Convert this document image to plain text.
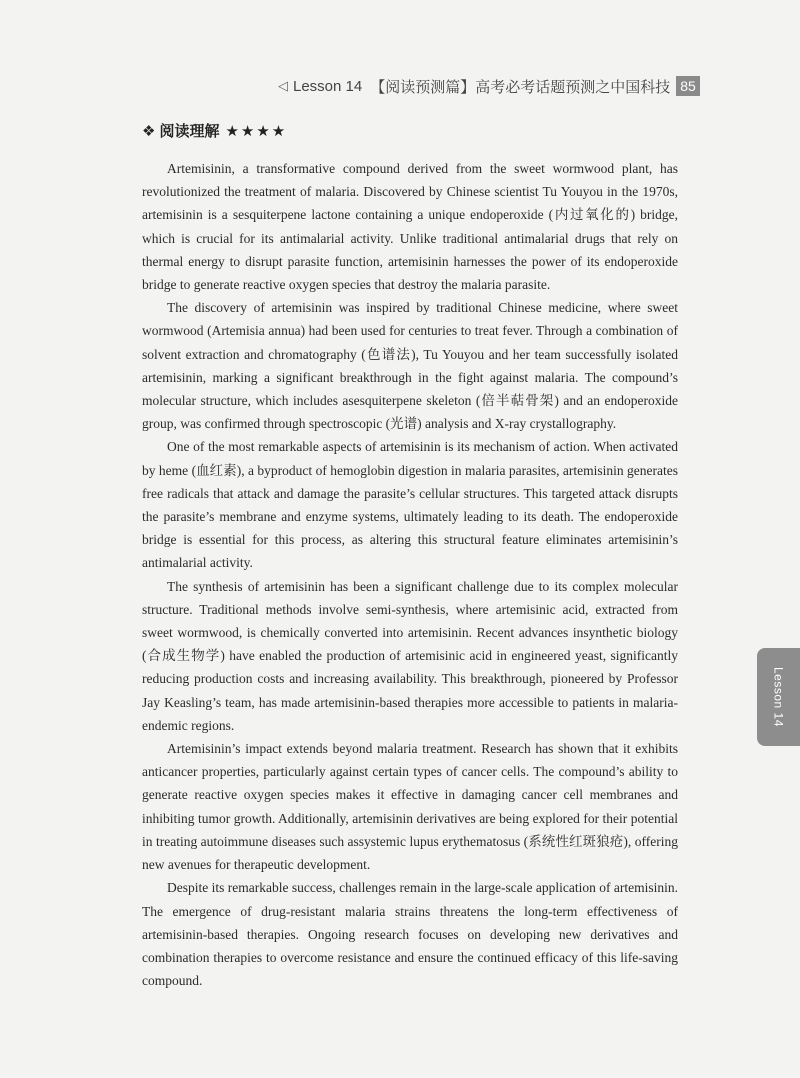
◁ Lesson 14 【阅读预测篇】高考必考话题预测之中国科技 85
❖ 阅读理解 ★★★★

Artemisinin, a transformative compound derived from the sweet wormwood plant, has revolutionized the treatment of malaria. Discovered by Chinese scientist Tu Youyou in the 1970s, artemisinin is a sesquiterpene lactone containing a unique endoperoxide (内过氧化的) bridge, which is crucial for its antimalarial activity. Unlike traditional antimalarial drugs that rely on thermal energy to disrupt parasite function, artemisinin harnesses the power of its endoperoxide bridge to generate reactive oxygen species that destroy the malaria parasite.

The discovery of artemisinin was inspired by traditional Chinese medicine, where sweet wormwood (Artemisia annua) had been used for centuries to treat fever. Through a combination of solvent extraction and chromatography (色谱法), Tu Youyou and her team successfully isolated artemisinin, marking a significant breakthrough in the fight against malaria. The compound’s molecular structure, which includes asesquiterpene skeleton (倍半萜骨架) and an endoperoxide group, was confirmed through spectroscopic (光谱) analysis and X-ray crystallography.

One of the most remarkable aspects of artemisinin is its mechanism of action. When activated by heme (血红素), a byproduct of hemoglobin digestion in malaria parasites, artemisinin generates free radicals that attack and damage the parasite’s cellular structures. This targeted attack disrupts the parasite’s membrane and enzyme systems, ultimately leading to its death. The endoperoxide bridge is essential for this process, as altering this structural feature eliminates artemisinin’s antimalarial activity.

The synthesis of artemisinin has been a significant challenge due to its complex molecular structure. Traditional methods involve semi-synthesis, where artemisinic acid, extracted from sweet wormwood, is chemically converted into artemisinin. Recent advances insynthetic biology (合成生物学) have enabled the production of artemisinic acid in engineered yeast, significantly reducing production costs and increasing availability. This breakthrough, pioneered by Professor Jay Keasling’s team, has made artemisinin-based therapies more accessible to patients in malaria-endemic regions.

Artemisinin’s impact extends beyond malaria treatment. Research has shown that it exhibits anticancer properties, particularly against certain types of cancer cells. The compound’s ability to generate reactive oxygen species makes it effective in damaging cancer cell membranes and inhibiting tumor growth. Additionally, artemisinin derivatives are being explored for their potential in treating autoimmune diseases such assystemic lupus erythematosus (系统性红斑狼疮), offering new avenues for therapeutic development.

Despite its remarkable success, challenges remain in the large-scale application of artemisinin. The emergence of drug-resistant malaria strains threatens the long-term effectiveness of artemisinin-based therapies. Ongoing research focuses on developing new derivatives and combination therapies to overcome resistance and ensure the continued efficacy of this life-saving compound.

Lesson 14
